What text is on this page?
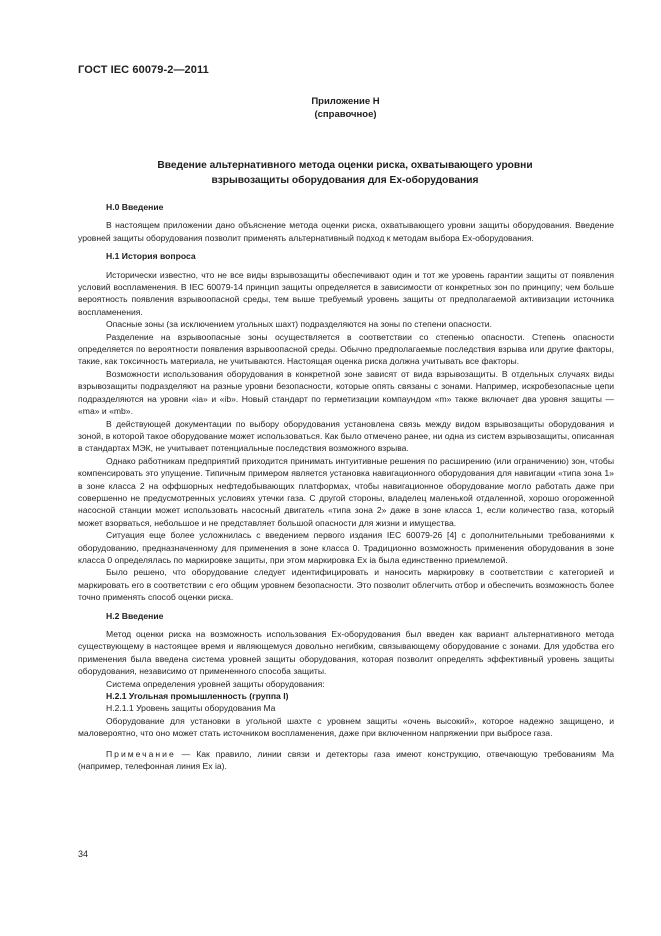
ГОСТ IEC 60079-2—2011
Приложение Н
(справочное)
Введение альтернативного метода оценки риска, охватывающего уровни
взрывозащиты оборудования для Ex-оборудования
Н.0 Введение

В настоящем приложении дано объяснение метода оценки риска, охватывающего уровни защиты оборудования. Введение уровней защиты оборудования позволит применять альтернативный подход к методам выбора Ex-оборудования.

Н.1 История вопроса

Исторически известно, что не все виды взрывозащиты обеспечивают один и тот же уровень гарантии защиты от появления условий воспламенения. В IEC 60079-14 принцип защиты определяется в зависимости от конкретных зон по принципу; чем больше вероятность появления взрывоопасной среды, тем выше требуемый уровень защиты от предполагаемой активизации источника воспламенения.

Опасные зоны (за исключением угольных шахт) подразделяются на зоны по степени опасности.

Разделение на взрывоопасные зоны осуществляется в соответствии со степенью опасности. Степень опасности определяется по вероятности появления взрывоопасной среды. Обычно предполагаемые последствия взрыва или другие факторы, такие, как токсичность материала, не учитываются. Настоящая оценка риска должна учитывать все факторы.

Возможности использования оборудования в конкретной зоне зависят от вида взрывозащиты. В отдельных случаях виды взрывозащиты подразделяют на разные уровни безопасности, которые опять связаны с зонами. Например, искробезопасные цепи подразделяются на уровни «ia» и «ib». Новый стандарт по герметизации компаундом «m» также включает два уровня защиты — «ma» и «mb».

В действующей документации по выбору оборудования установлена связь между видом взрывозащиты оборудования и зоной, в которой такое оборудование может использоваться. Как было отмечено ранее, ни одна из систем взрывозащиты, описанная в стандартах МЭК, не учитывает потенциальные последствия возможного взрыва.

Однако работникам предприятий приходится принимать интуитивные решения по расширению (или ограничению) зон, чтобы компенсировать это упущение. Типичным примером является установка навигационного оборудования для навигации «типа зона 1» в зоне класса 2 на оффшорных нефтедобывающих платформах, чтобы навигационное оборудование могло работать даже при совершенно не предусмотренных условиях утечки газа. С другой стороны, владелец маленькой отдаленной, хорошо огороженной насосной станции может использовать насосный двигатель «типа зона 2» даже в зоне класса 1, если количество газа, который может взорваться, небольшое и не представляет большой опасности для жизни и имущества.

Ситуация еще более усложнилась с введением первого издания IEC 60079-26 [4] с дополнительными требованиями к оборудованию, предназначенному для применения в зоне класса 0. Традиционно возможность применения оборудования в зоне класса 0 определялась по маркировке защиты, при этом маркировка Ex ia была единственно приемлемой.

Было решено, что оборудование следует идентифицировать и наносить маркировку в соответствии с категорией и маркировать его в соответствии с его общим уровнем безопасности. Это позволит облегчить отбор и обеспечить возможность более точно применять способ оценки риска.

Н.2 Введение

Метод оценки риска на возможность использования Ex-оборудования был введен как вариант альтернативного метода существующему в настоящее время и являющемуся довольно негибким, связывающему оборудование с зонами. Для удобства его применения была введена система уровней защиты оборудования, которая позволит определять эффективный уровень защиты оборудования, независимо от примененного способа защиты.

Система определения уровней защиты оборудования:

Н.2.1 Угольная промышленность (группа I)

Н.2.1.1 Уровень защиты оборудования Ma

Оборудование для установки в угольной шахте с уровнем защиты «очень высокий», которое надежно защищено, и маловероятно, что оно может стать источником воспламенения, даже при включенном напряжении при выбросе газа.

Примечание — Как правило, линии связи и детекторы газа имеют конструкцию, отвечающую требованиям Ма (например, телефонная линия Ex ia).

34
